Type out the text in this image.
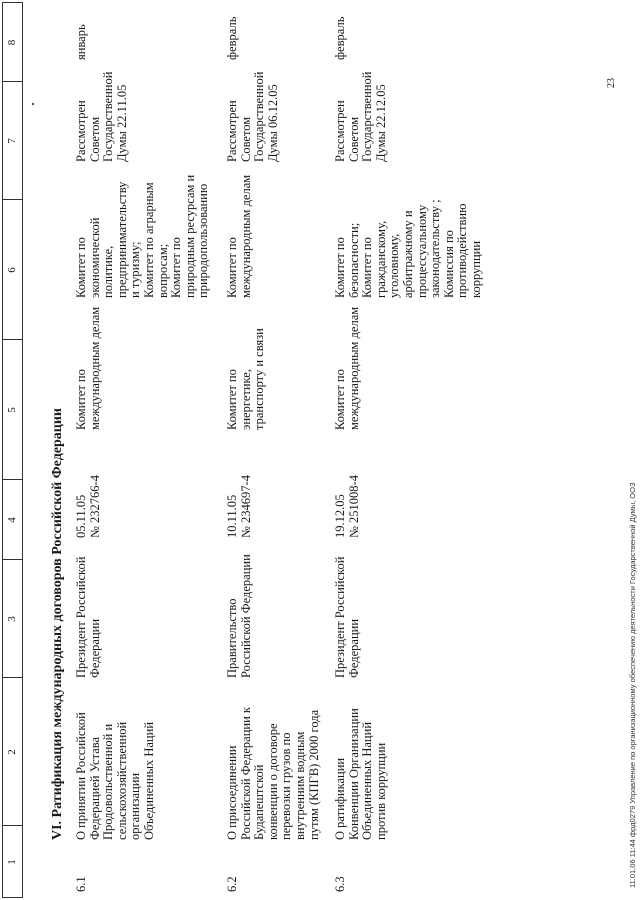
1
2
3
4
5
6
7
8
VI. Ратификация международных договоров Российской Федерации
6.1
О принятии Российской
Федерацией Устава
Продовольственной и
сельскохозяйственной
организации
Объединенных Наций
Президент Российской
Федерации
05.11.05
№ 232766-4
Комитет по
международным делам
Комитет по
экономической
политике,
предпринимательству
и туризму;
Комитет по аграрным
вопросам;
Комитет по
природным ресурсам и
природопользованию
Рассмотрен
Советом
Государственной
Думы 22.11.05
январь
6.2
О присоединении
Российской Федерации к
Будапештской
конвенции о договоре
перевозки грузов по
внутренним водным
путям (КПГВ) 2000 года
Правительство
Российской Федерации
10.11.05
№ 234697-4
Комитет по
энергетике,
транспорту и связи
Комитет по
международным делам
Рассмотрен
Советом
Государственной
Думы 06.12.05
февраль
6.3
О ратификации
Конвенции Организации
Объединенных Наций
против коррупции
Президент Российской
Федерации
19.12.05
№ 251008-4
Комитет по
международным делам
Комитет по
безопасности;
Комитет по
гражданскому,
уголовному,
арбитражному и
процессуальному
законодательству ;
Комиссия по
противодействию
коррупции
Рассмотрен
Советом
Государственной
Думы 22.12.05
февраль
23
11.01.06 11:44 фрд0279 Управление по организационному обеспечению деятельности Государственной Думы, ООЗ
